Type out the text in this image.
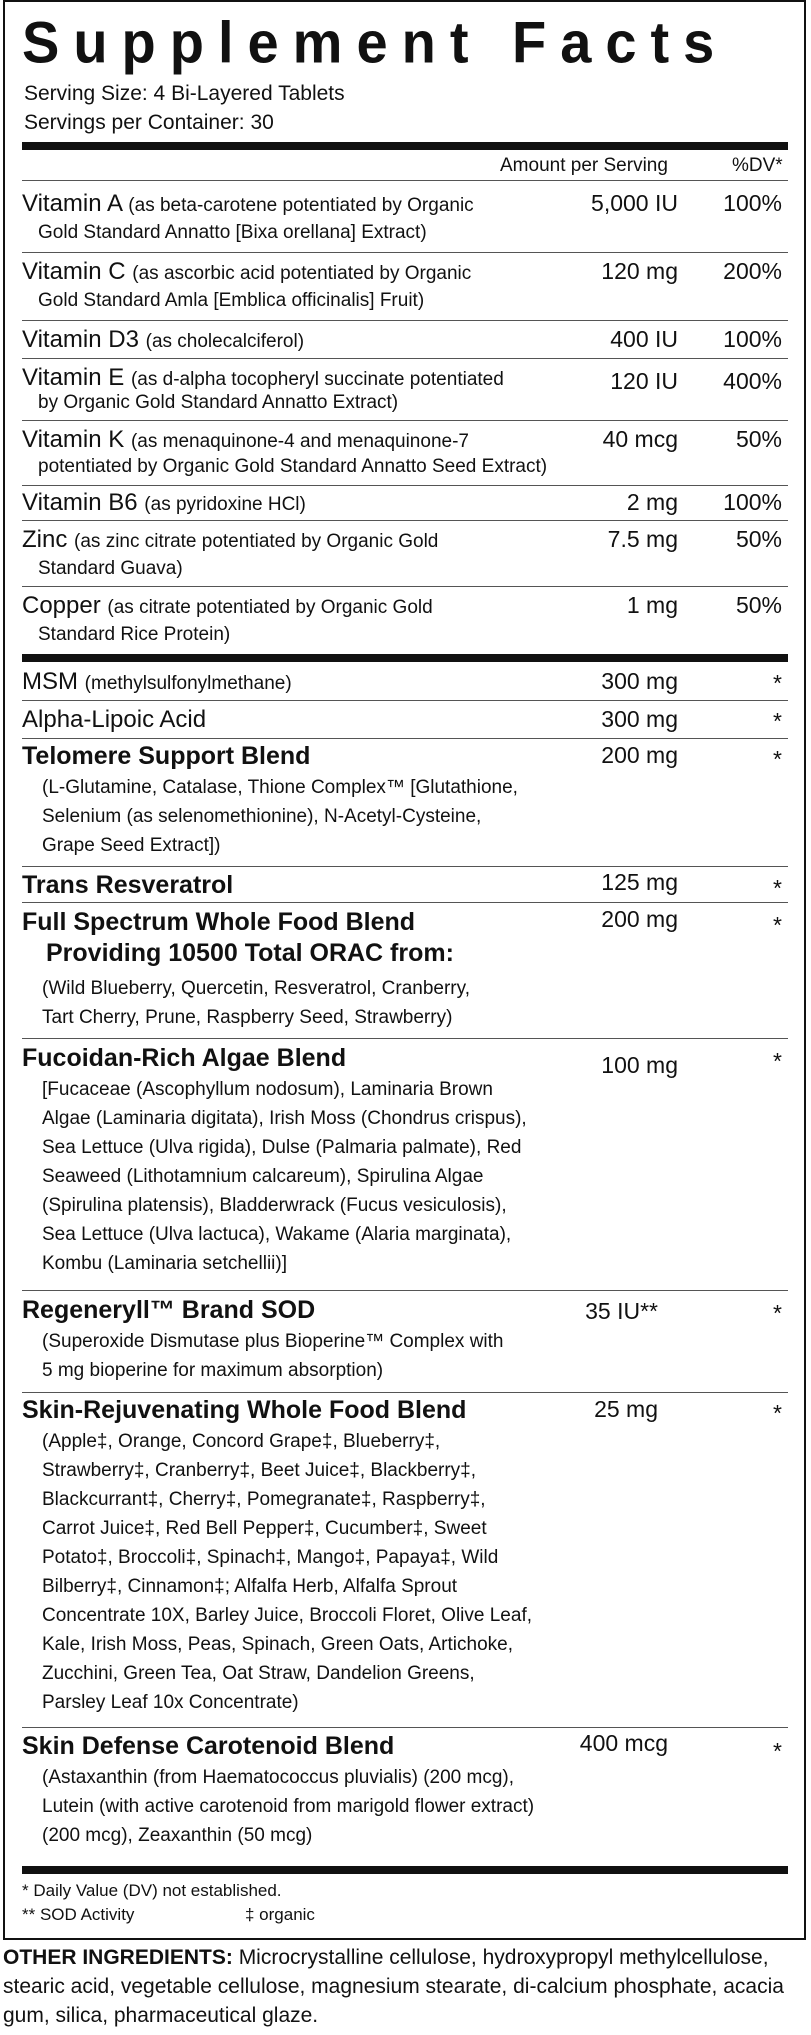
Supplement Facts
Serving Size: 4 Bi-Layered Tablets
Servings per Container: 30
Amount per Serving	%DV*
Vitamin A (as beta-carotene potentiated by Organic
Gold Standard Annatto [Bixa orellana] Extract)
5,000 IU 100%
Vitamin C (as ascorbic acid potentiated by Organic
Gold Standard Amla [Emblica officinalis] Fruit)
120 mg 200%
Vitamin D3 (as cholecalciferol)	400 IU 100%
Vitamin E (as d-alpha tocopheryl succinate potentiated
by Organic Gold Standard Annatto Extract)
120 IU 400%
Vitamin K (as menaquinone-4 and menaquinone-7
potentiated by Organic Gold Standard Annatto Seed Extract)
40 mcg	50%
Vitamin B6 (as pyridoxine HCl)	2 mg 100%
Zinc (as zinc citrate potentiated by Organic Gold
Standard Guava)
7.5 mg	50%
Copper (as citrate potentiated by Organic Gold
Standard Rice Protein)
1 mg	50%
MSM (methylsulfonylmethane)	300 mg	*
Alpha-Lipoic Acid	300 mg	*
Telomere Support Blend
(L-Glutamine, Catalase, Thione Complex™ [Glutathione,
Selenium (as selenomethionine), N-Acetyl-Cysteine,
Grape Seed Extract])
200 mg	*
Trans Resveratrol	125 mg	*
Full Spectrum Whole Food Blend
Providing 10500 Total ORAC from:
(Wild Blueberry, Quercetin, Resveratrol, Cranberry,
Tart Cherry, Prune, Raspberry Seed, Strawberry)
200 mg	*
Fucoidan-Rich Algae Blend
[Fucaceae (Ascophyllum nodosum), Laminaria Brown
Algae (Laminaria digitata), Irish Moss (Chondrus crispus),
Sea Lettuce (Ulva rigida), Dulse (Palmaria palmate), Red
Seaweed (Lithotamnium calcareum), Spirulina Algae
(Spirulina platensis), Bladderwrack (Fucus vesiculosis),
Sea Lettuce (Ulva lactuca), Wakame (Alaria marginata),
Kombu (Laminaria setchellii)]
100 mg	*
Regeneryll™ Brand SOD
(Superoxide Dismutase plus Bioperine™ Complex with
5 mg bioperine for maximum absorption)
35 IU**	*
Skin-Rejuvenating Whole Food Blend
(Apple‡, Orange, Concord Grape‡, Blueberry‡,
Strawberry‡, Cranberry‡, Beet Juice‡, Blackberry‡,
Blackcurrant‡, Cherry‡, Pomegranate‡, Raspberry‡,
Carrot Juice‡, Red Bell Pepper‡, Cucumber‡, Sweet
Potato‡, Broccoli‡, Spinach‡, Mango‡, Papaya‡, Wild
Bilberry‡, Cinnamon‡; Alfalfa Herb, Alfalfa Sprout
Concentrate 10X, Barley Juice, Broccoli Floret, Olive Leaf,
Kale, Irish Moss, Peas, Spinach, Green Oats, Artichoke,
Zucchini, Green Tea, Oat Straw, Dandelion Greens,
Parsley Leaf 10x Concentrate)
25 mg	*
Skin Defense Carotenoid Blend
(Astaxanthin (from Haematococcus pluvialis) (200 mcg),
Lutein (with active carotenoid from marigold flower extract)
(200 mcg), Zeaxanthin (50 mcg)
400 mcg	*
* Daily Value (DV) not established.
** SOD Activity	‡ organic
OTHER INGREDIENTS: Microcrystalline cellulose, hydroxypropyl methylcellulose, stearic acid, vegetable cellulose, magnesium stearate, di-calcium phosphate, acacia gum, silica, pharmaceutical glaze.
